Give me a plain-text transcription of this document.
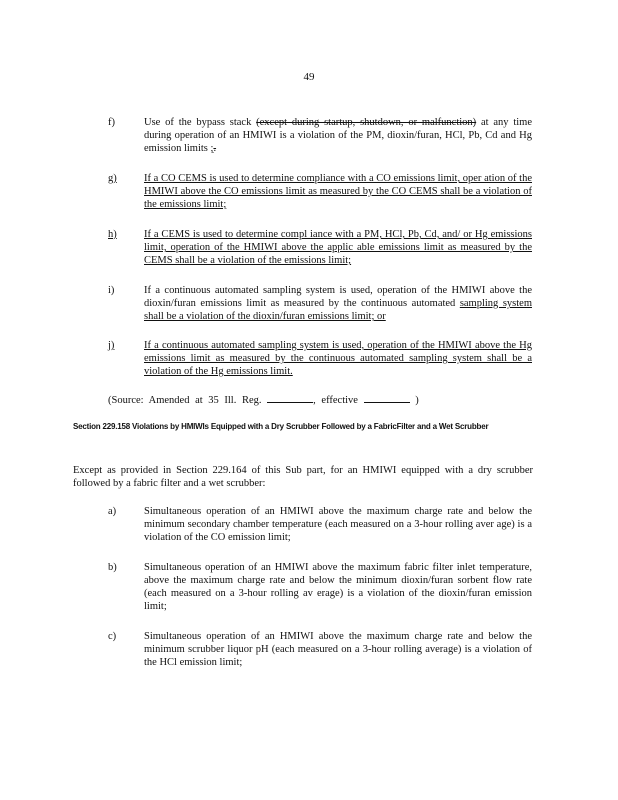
49
f)	Use of the bypass stack (except during startup, shutdown, or malfunction) at any time during operation of an HMIWI is a violation of the PM, dioxin/furan, HCl, Pb, Cd and Hg emission limits ;.
g)	If a CO CEMS is used to determine compliance with a CO emissions limit, oper ation of the HMIWI above the CO emissions limit as measured by the CO CEMS shall be a violation of the emissions limit;
h)	If a CEMS is used to determine compl iance with a PM, HCl, Pb, Cd, and/ or Hg emissions limit, operation of the HMIWI above the applic able emissions limit as measured by the CEMS shall be a violation of the emissions limit;
i)	If a continuous automated sampling system is used, operation of the HMIWI above the dioxin/furan emissions limit as measured by the continuous automated sampling system shall be a violation of the dioxin/furan emissions limit; or
j)	If a continuous automated sampling system is used, operation of the HMIWI above the Hg emissions limit as measured by the continuous automated sampling system shall be a violation of the Hg emissions limit.
(Source: Amended at 35 Ill. Reg.	, effective	)
Section 229.158 Violations by HMIWIs Equipped with a Dry Scrubber Followed by a FabricFilter and a Wet Scrubber
Except as provided in Section 229.164 of this Sub part, for an HMIWI equipped with a dry scrubber followed by a fabric filter and a wet scrubber:
a)	Simultaneous operation of an HMIWI above the maximum charge rate and below the minimum secondary chamber temperature (each measured on a 3-hour rolling aver age) is a violation of the CO emission limit;
b)	Simultaneous operation of an HMIWI above the maximum fabric filter inlet temperature, above the maximum charge rate and below the minimum dioxin/furan sorbent flow rate (each measured on a 3-hour rolling av erage) is a violation of the dioxin/furan emission limit;
c)	Simultaneous operation of an HMIWI above the maximum charge rate and below the minimum scrubber liquor pH (each measured on a 3-hour rolling average) is a violation of the HCl emission limit;
